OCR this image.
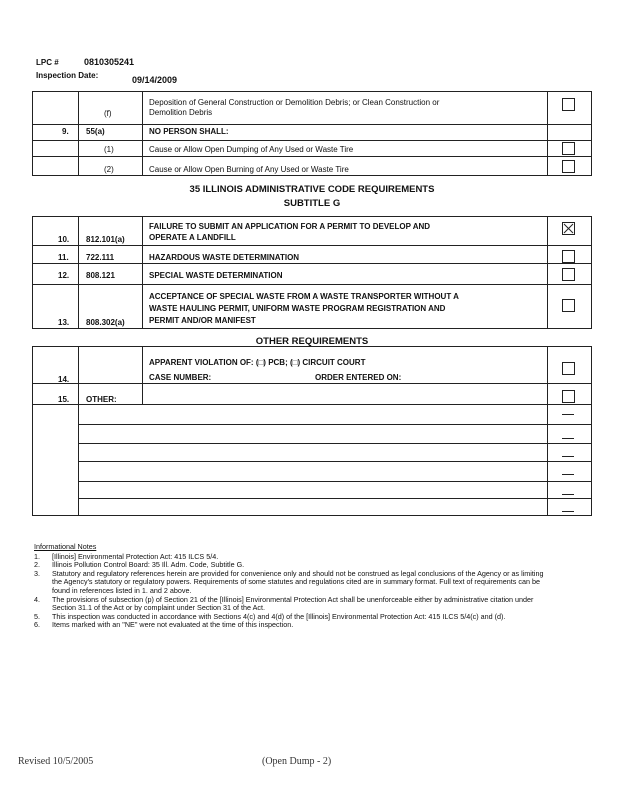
LPC #	0810305241
Inspection Date:	09/14/2009
(f)
Deposition of General Construction or Demolition Debris; or Clean Construction or
Demolition Debris
9. 55(a)	NO PERSON SHALL:
(1)	Cause or Allow Open Dumping of Any Used or Waste Tire
(2)	Cause or Allow Open Burning of Any Used or Waste Tire
35 ILLINOIS ADMINISTRATIVE CODE REQUIREMENTS
SUBTITLE G
10. 812.101(a)
FAILURE TO SUBMIT AN APPLICATION FOR A PERMIT TO DEVELOP AND
OPERATE A LANDFILL
11. 722.111	HAZARDOUS WASTE DETERMINATION
12. 808.121	SPECIAL WASTE DETERMINATION
13. 808.302(a)
ACCEPTANCE OF SPECIAL WASTE FROM A WASTE TRANSPORTER WITHOUT A
WASTE HAULING PERMIT, UNIFORM WASTE PROGRAM REGISTRATION AND
PERMIT AND/OR MANIFEST
OTHER REQUIREMENTS
14.
APPARENT VIOLATION OF: (□) PCB; (□) CIRCUIT COURT
CASE NUMBER:	ORDER ENTERED ON:
15. OTHER:
Informational Notes
1.	[Illinois] Environmental Protection Act: 415 ILCS 5/4.
2.	Illinois Pollution Control Board: 35 Ill. Adm. Code, Subtitle G.
3.	Statutory and regulatory references herein are provided for convenience only and should not be construed as legal conclusions of the Agency or as limiting the Agency's statutory or regulatory powers. Requirements of some statutes and regulations cited are in summary format. Full text of requirements can be found in references listed in 1. and 2 above.
4.	The provisions of subsection (p) of Section 21 of the [Illinois] Environmental Protection Act shall be unenforceable either by administrative citation under Section 31.1 of the Act or by complaint under Section 31 of the Act.
5.	This inspection was conducted in accordance with Sections 4(c) and 4(d) of the [Illinois] Environmental Protection Act: 415 ILCS 5/4(c) and (d).
6.	Items marked with an "NE" were not evaluated at the time of this inspection.
Revised 10/5/2005	(Open Dump - 2)
